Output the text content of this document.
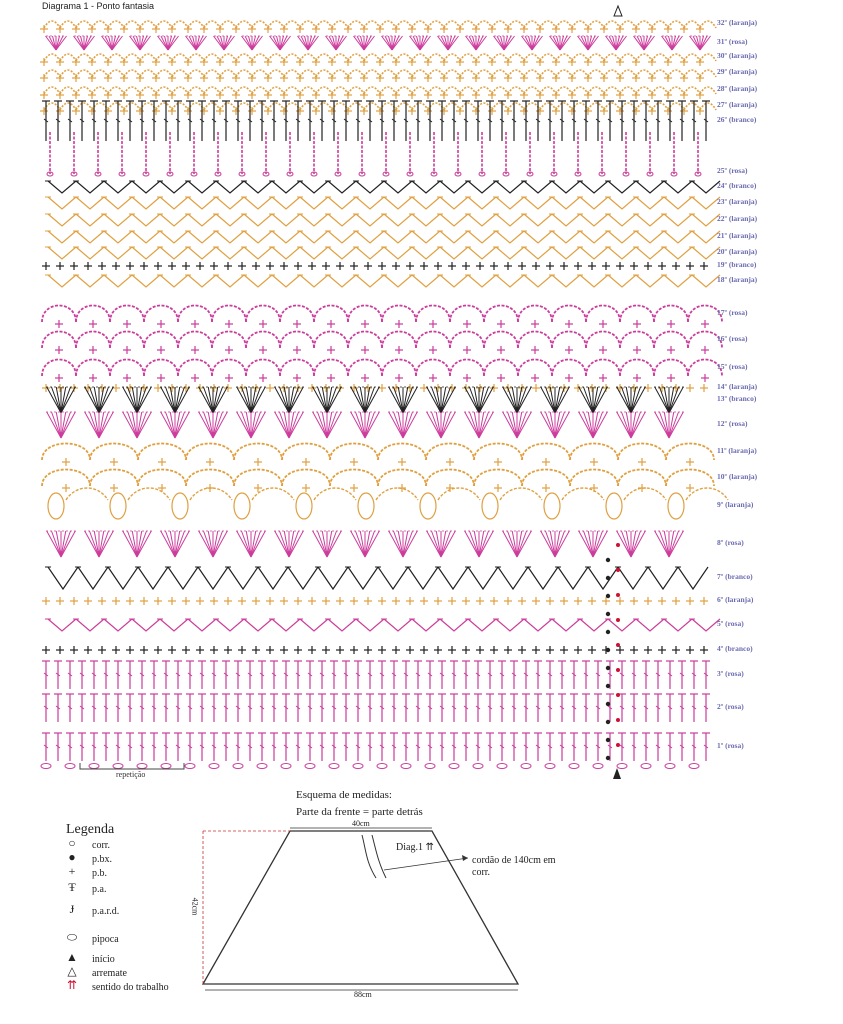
Diagrama 1 - Ponto fantasia
32º (laranja)
31º (rosa)
30º (laranja)
29º (laranja)
28º (laranja)
27º (laranja)
26º (branco)
25º (rosa)
24º (branco)
23º (laranja)
22º (laranja)
21º (laranja)
20º (laranja)
19º (branco)
18º (laranja)
17º (rosa)
16º (rosa)
15º (rosa)
14º (laranja)
13º (branco)
12º (rosa)
11º (laranja)
10º (laranja)
9º (laranja)
8º (rosa)
7º (branco)
6º (laranja)
5º (rosa)
4º (branco)
3º (rosa)
2º (rosa)
1º (rosa)
repetição
Legenda
○	corr.
●	p.bx.
+	p.b.
Ŧ	p.a.
Ɉ	p.a.r.d.
⬭	pipoca
▲	início
△	arremate
⇈	sentido do trabalho
Esquema de medidas:
Parte da frente = parte detrás
40cm
42cm
88cm
Diag.1 ⇈
cordão de 140cm em corr.
